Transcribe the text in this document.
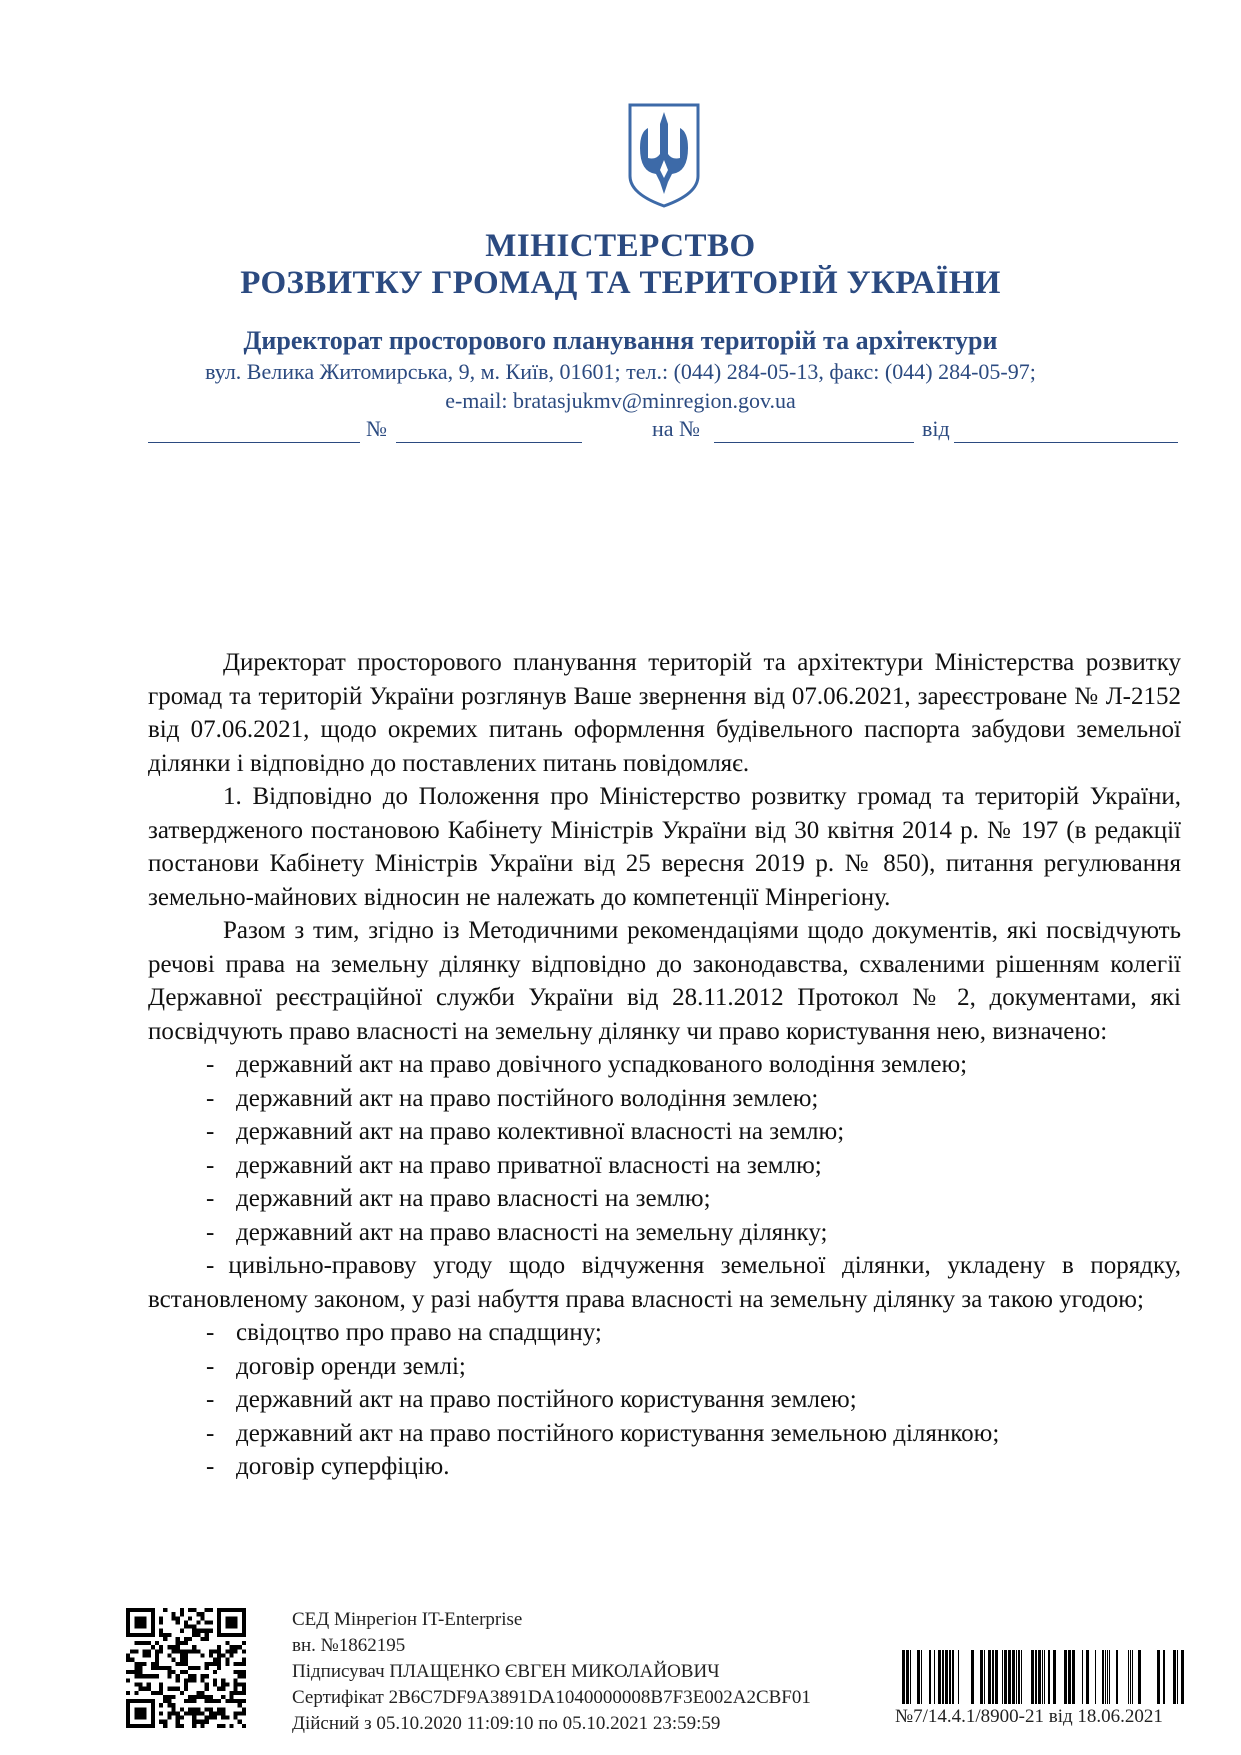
МІНІСТЕРСТВО
РОЗВИТКУ ГРОМАД ТА ТЕРИТОРІЙ УКРАЇНИ
Директорат просторового планування територій та архітектури
вул. Велика Житомирська, 9, м. Київ, 01601; тел.: (044) 284-05-13, факс: (044) 284-05-97;
e-mail: bratasjukmv@minregion.gov.ua
№	на №	від

Директорат просторового планування територій та архітектури Міністерства розвитку громад та територій України розглянув Ваше звернення від 07.06.2021, зареєстроване № Л-2152 від 07.06.2021, щодо окремих питань оформлення будівельного паспорта забудови земельної ділянки і відповідно до поставлених питань повідомляє.

1. Відповідно до Положення про Міністерство розвитку громад та територій України, затвердженого постановою Кабінету Міністрів України від 30 квітня 2014 р. № 197 (в редакції постанови Кабінету Міністрів України від 25 вересня 2019 р. № 850), питання регулювання земельно-майнових відносин не належать до компетенції Мінрегіону.

Разом з тим, згідно із Методичними рекомендаціями щодо документів, які посвідчують речові права на земельну ділянку відповідно до законодавства, схваленими рішенням колегії Державної реєстраційної служби України від 28.11.2012 Протокол № 2, документами, які посвідчують право власності на земельну ділянку чи право користування нею, визначено:

- державний акт на право довічного успадкованого володіння землею;
- державний акт на право постійного володіння землею;
- державний акт на право колективної власності на землю;
- державний акт на право приватної власності на землю;
- державний акт на право власності на землю;
- державний акт на право власності на земельну ділянку;
- цивільно-правову угоду щодо відчуження земельної ділянки, укладену в порядку, встановленому законом, у разі набуття права власності на земельну ділянку за такою угодою;
- свідоцтво про право на спадщину;
- договір оренди землі;
- державний акт на право постійного користування землею;
- державний акт на право постійного користування земельною ділянкою;
- договір суперфіцію.
СЕД Мінрегіон IT-Enterprise
вн. №1862195
Підписувач ПЛАЩЕНКО ЄВГЕН МИКОЛАЙОВИЧ
Сертифікат 2B6C7DF9A3891DA1040000008B7F3E002A2CBF01
Дійсний з 05.10.2020 11:09:10 по 05.10.2021 23:59:59	№7/14.4.1/8900-21 від 18.06.2021
